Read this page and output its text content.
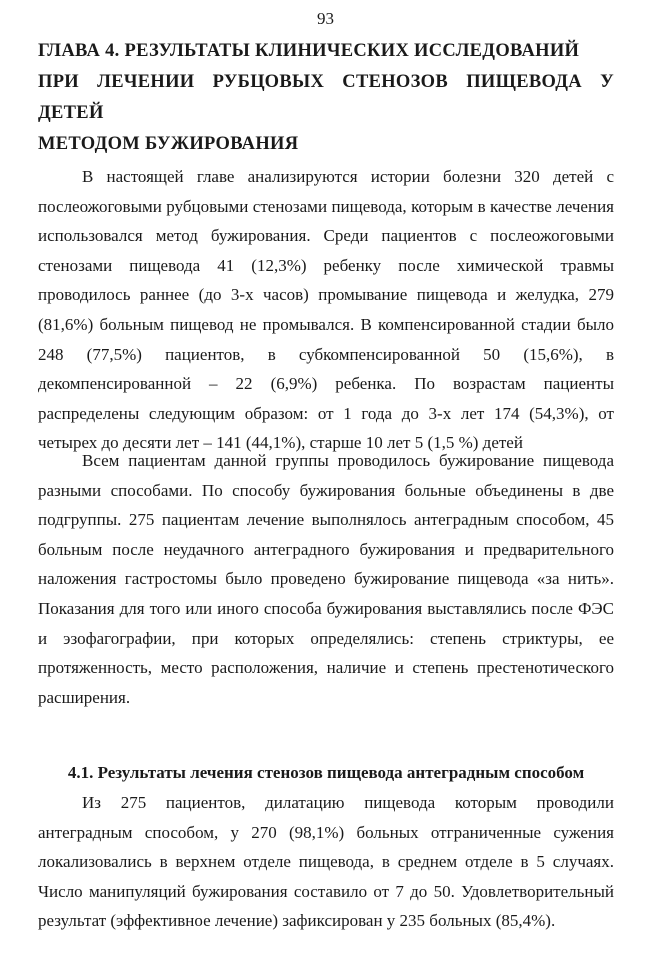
93
ГЛАВА 4. РЕЗУЛЬТАТЫ КЛИНИЧЕСКИХ ИССЛЕДОВАНИЙ
ПРИ ЛЕЧЕНИИ РУБЦОВЫХ СТЕНОЗОВ ПИЩЕВОДА У ДЕТЕЙ
МЕТОДОМ БУЖИРОВАНИЯ

В настоящей главе анализируются истории болезни 320 детей с послеожоговыми рубцовыми стенозами пищевода, которым в качестве лечения использовался метод бужирования. Среди пациентов с послеожоговыми стенозами пищевода 41 (12,3%) ребенку после химической травмы проводилось раннее (до 3-х часов) промывание пищевода и желудка, 279 (81,6%) больным пищевод не промывался. В компенсированной стадии было 248 (77,5%) пациентов, в субкомпенсированной 50 (15,6%), в декомпенсированной – 22 (6,9%) ребенка. По возрастам пациенты распределены следующим образом: от 1 года до 3-х лет 174 (54,3%), от четырех до десяти лет – 141 (44,1%), старше 10 лет 5 (1,5 %) детей

Всем пациентам данной группы проводилось бужирование пищевода разными способами. По способу бужирования больные объединены в две подгруппы. 275 пациентам лечение выполнялось антеградным способом, 45 больным после неудачного антеградного бужирования и предварительного наложения гастростомы было проведено бужирование пищевода «за нить». Показания для того или иного способа бужирования выставлялись после ФЭС и эзофагографии, при которых определялись: степень стриктуры, ее протяженность, место расположения, наличие и степень престенотического расширения.

4.1. Результаты лечения стенозов пищевода антеградным способом

Из 275 пациентов, дилатацию пищевода которым проводили антеградным способом, у 270 (98,1%) больных отграниченные сужения локализовались в верхнем отделе пищевода, в среднем отделе в 5 случаях. Число манипуляций бужирования составило от 7 до 50. Удовлетворительный результат (эффективное лечение) зафиксирован у 235 больных (85,4%).
